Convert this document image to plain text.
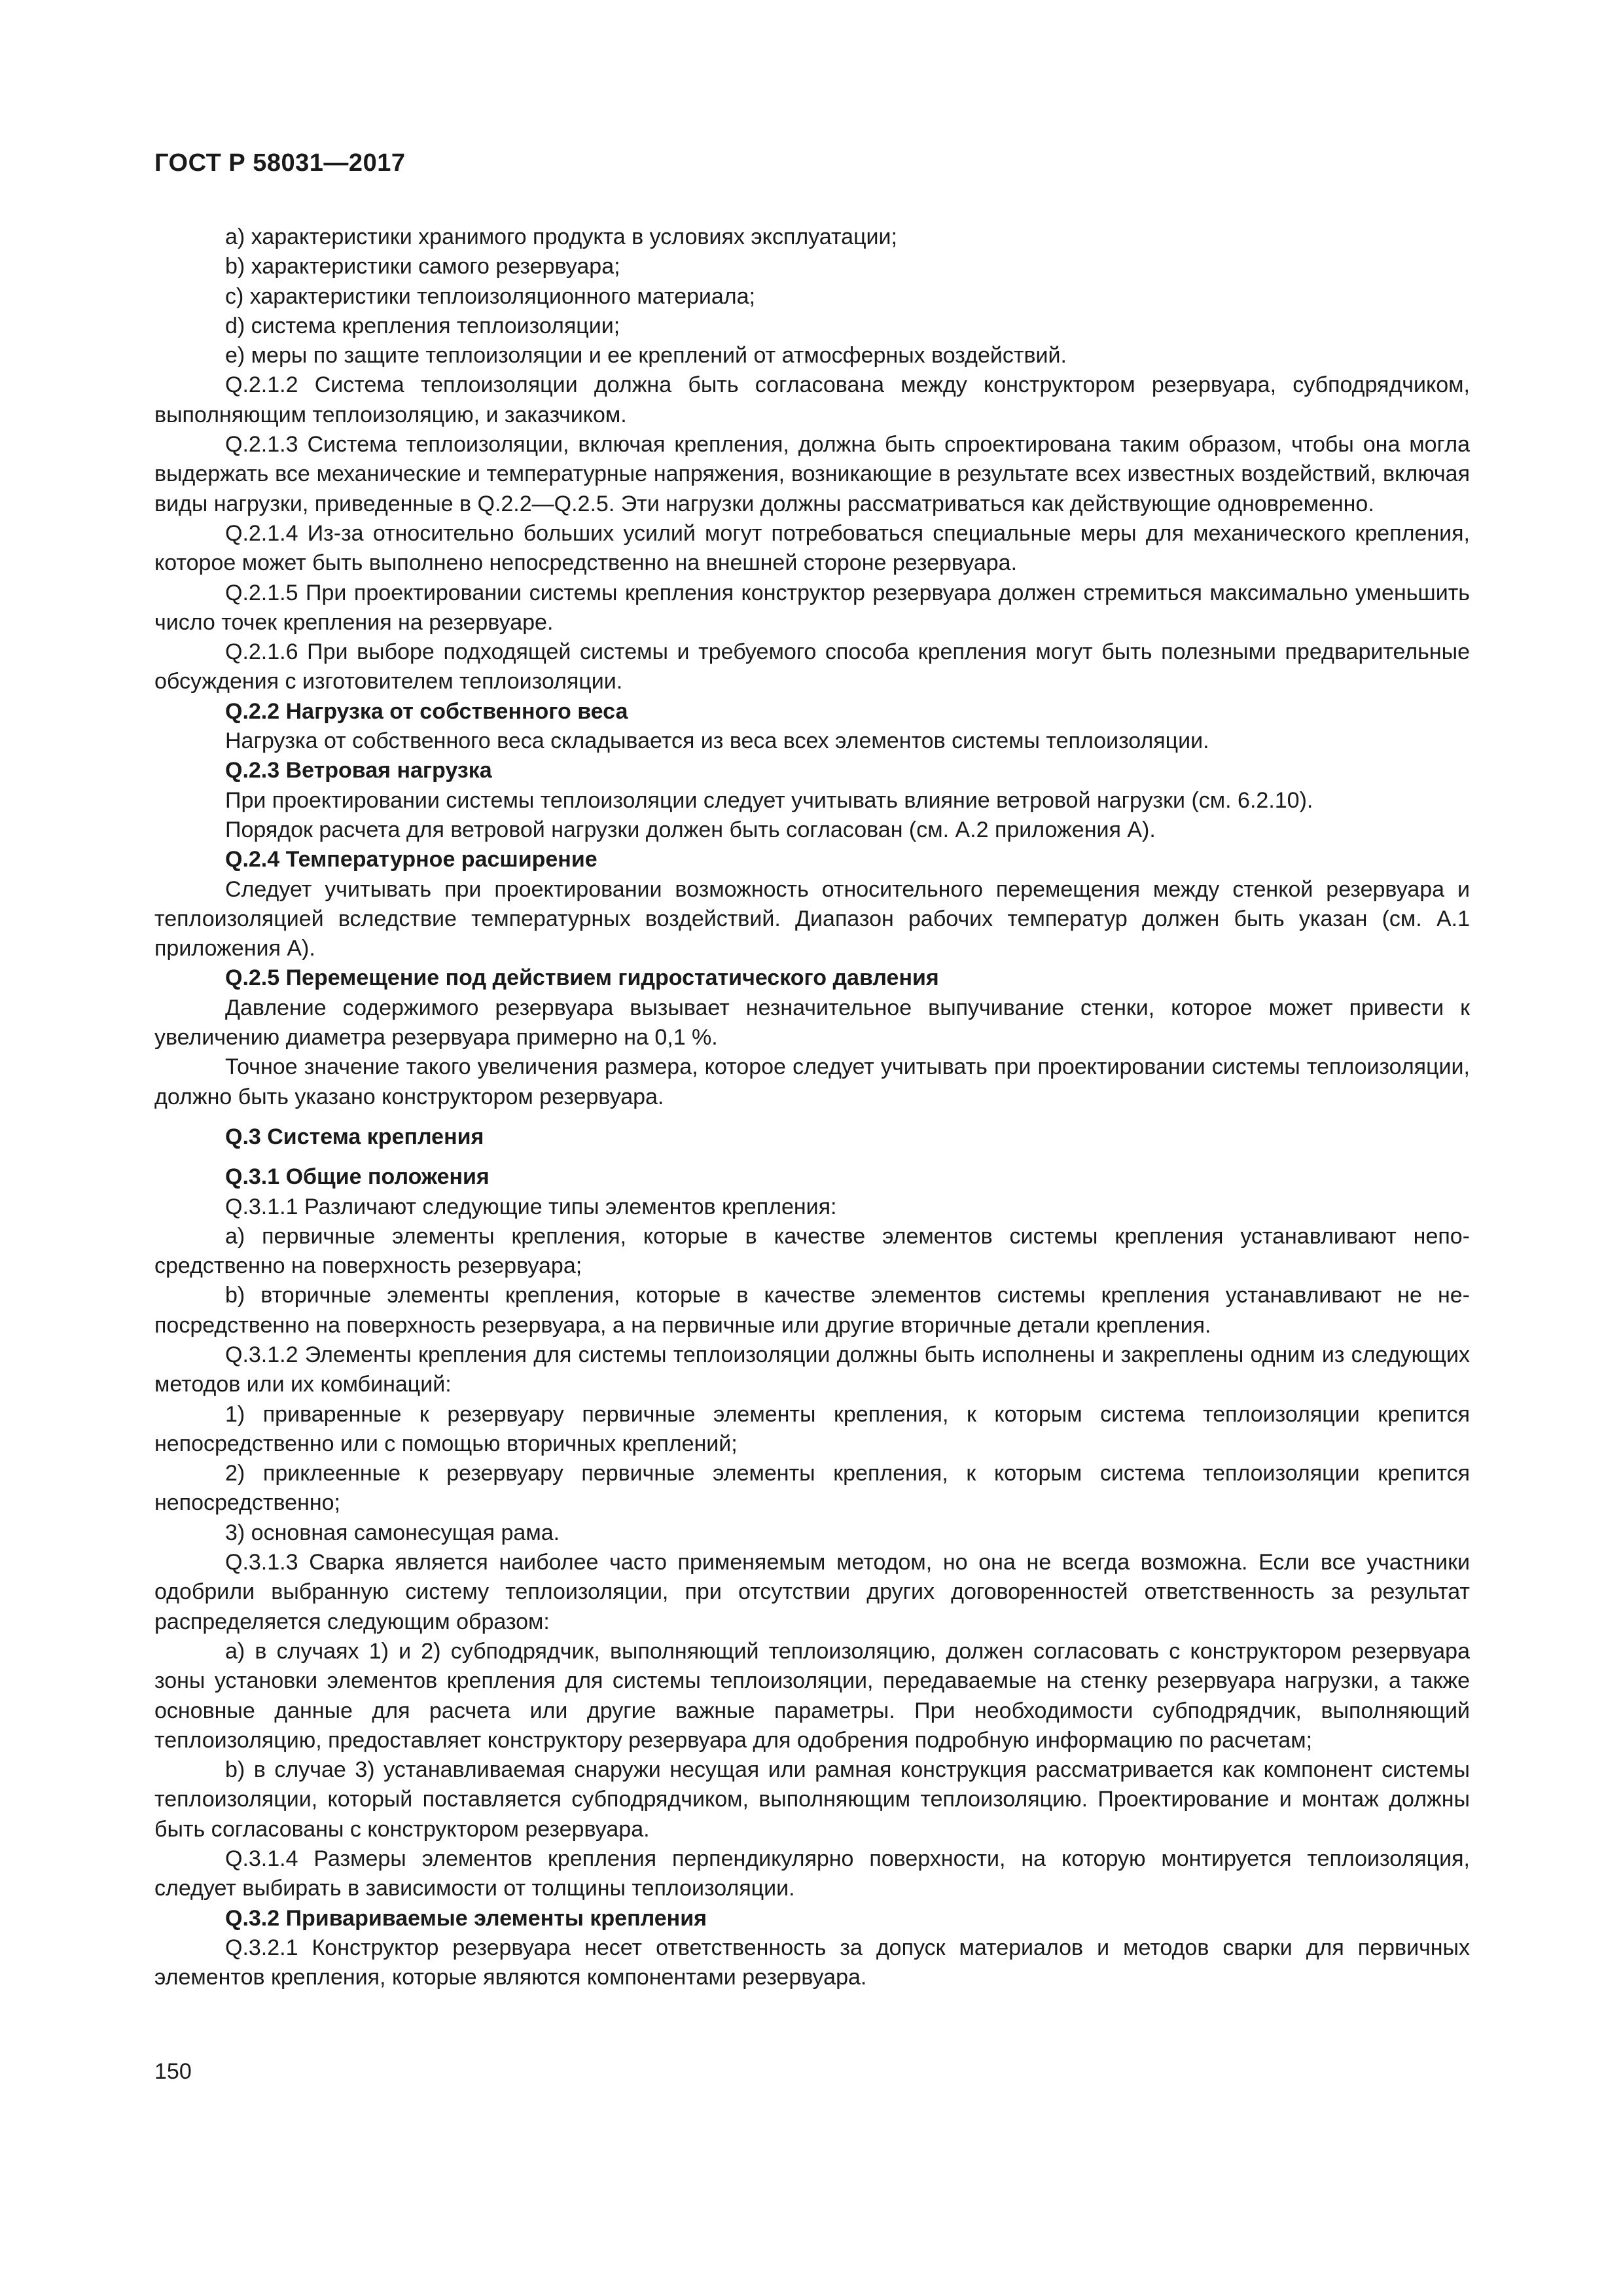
ГОСТ Р 58031—2017

a) характеристики хранимого продукта в условиях эксплуатации;

b) характеристики самого резервуара;

c) характеристики теплоизоляционного материала;

d) система крепления теплоизоляции;

e) меры по защите теплоизоляции и ее креплений от атмосферных воздействий.

Q.2.1.2 Система теплоизоляции должна быть согласована между конструктором резервуара, субподрядчиком, выполняющим теплоизоляцию, и заказчиком.

Q.2.1.3 Система теплоизоляции, включая крепления, должна быть спроектирована таким образом, чтобы она могла выдержать все механические и температурные напряжения, возникающие в результате всех известных воздействий, включая виды нагрузки, приведенные в Q.2.2—Q.2.5. Эти нагрузки должны рассматриваться как действующие одновременно.

Q.2.1.4 Из-за относительно больших усилий могут потребоваться специальные меры для механического крепления, которое может быть выполнено непосредственно на внешней стороне резервуара.

Q.2.1.5 При проектировании системы крепления конструктор резервуара должен стремиться максимально уменьшить число точек крепления на резервуаре.

Q.2.1.6 При выборе подходящей системы и требуемого способа крепления могут быть полезными предварительные обсуждения с изготовителем теплоизоляции.

Q.2.2 Нагрузка от собственного веса

Нагрузка от собственного веса складывается из веса всех элементов системы теплоизоляции.

Q.2.3 Ветровая нагрузка

При проектировании системы теплоизоляции следует учитывать влияние ветровой нагрузки (см. 6.2.10).

Порядок расчета для ветровой нагрузки должен быть согласован (см. A.2 приложения A).

Q.2.4 Температурное расширение

Следует учитывать при проектировании возможность относительного перемещения между стенкой резервуара и теплоизоляцией вследствие температурных воздействий. Диапазон рабочих температур должен быть указан (см. A.1 приложения A).

Q.2.5 Перемещение под действием гидростатического давления

Давление содержимого резервуара вызывает незначительное выпучивание стенки, которое может привести к увеличению диаметра резервуара примерно на 0,1 %.

Точное значение такого увеличения размера, которое следует учитывать при проектировании системы теплоизоляции, должно быть указано конструктором резервуара.

Q.3 Система крепления

Q.3.1 Общие положения

Q.3.1.1 Различают следующие типы элементов крепления:

a) первичные элементы крепления, которые в качестве элементов системы крепления устанавливают непосредственно на поверхность резервуара;

b) вторичные элементы крепления, которые в качестве элементов системы крепления устанавливают не непосредственно на поверхность резервуара, а на первичные или другие вторичные детали крепления.

Q.3.1.2 Элементы крепления для системы теплоизоляции должны быть исполнены и закреплены одним из следующих методов или их комбинаций:

1) приваренные к резервуару первичные элементы крепления, к которым система теплоизоляции крепится непосредственно или с помощью вторичных креплений;

2) приклеенные к резервуару первичные элементы крепления, к которым система теплоизоляции крепится непосредственно;

3) основная самонесущая рама.

Q.3.1.3 Сварка является наиболее часто применяемым методом, но она не всегда возможна. Если все участники одобрили выбранную систему теплоизоляции, при отсутствии других договоренностей ответственность за результат распределяется следующим образом:

a) в случаях 1) и 2) субподрядчик, выполняющий теплоизоляцию, должен согласовать с конструктором резервуара зоны установки элементов крепления для системы теплоизоляции, передаваемые на стенку резервуара нагрузки, а также основные данные для расчета или другие важные параметры. При необходимости субподрядчик, выполняющий теплоизоляцию, предоставляет конструктору резервуара для одобрения подробную информацию по расчетам;

b) в случае 3) устанавливаемая снаружи несущая или рамная конструкция рассматривается как компонент системы теплоизоляции, который поставляется субподрядчиком, выполняющим теплоизоляцию. Проектирование и монтаж должны быть согласованы с конструктором резервуара.

Q.3.1.4 Размеры элементов крепления перпендикулярно поверхности, на которую монтируется теплоизоляция, следует выбирать в зависимости от толщины теплоизоляции.

Q.3.2 Привариваемые элементы крепления

Q.3.2.1 Конструктор резервуара несет ответственность за допуск материалов и методов сварки для первичных элементов крепления, которые являются компонентами резервуара.

150
